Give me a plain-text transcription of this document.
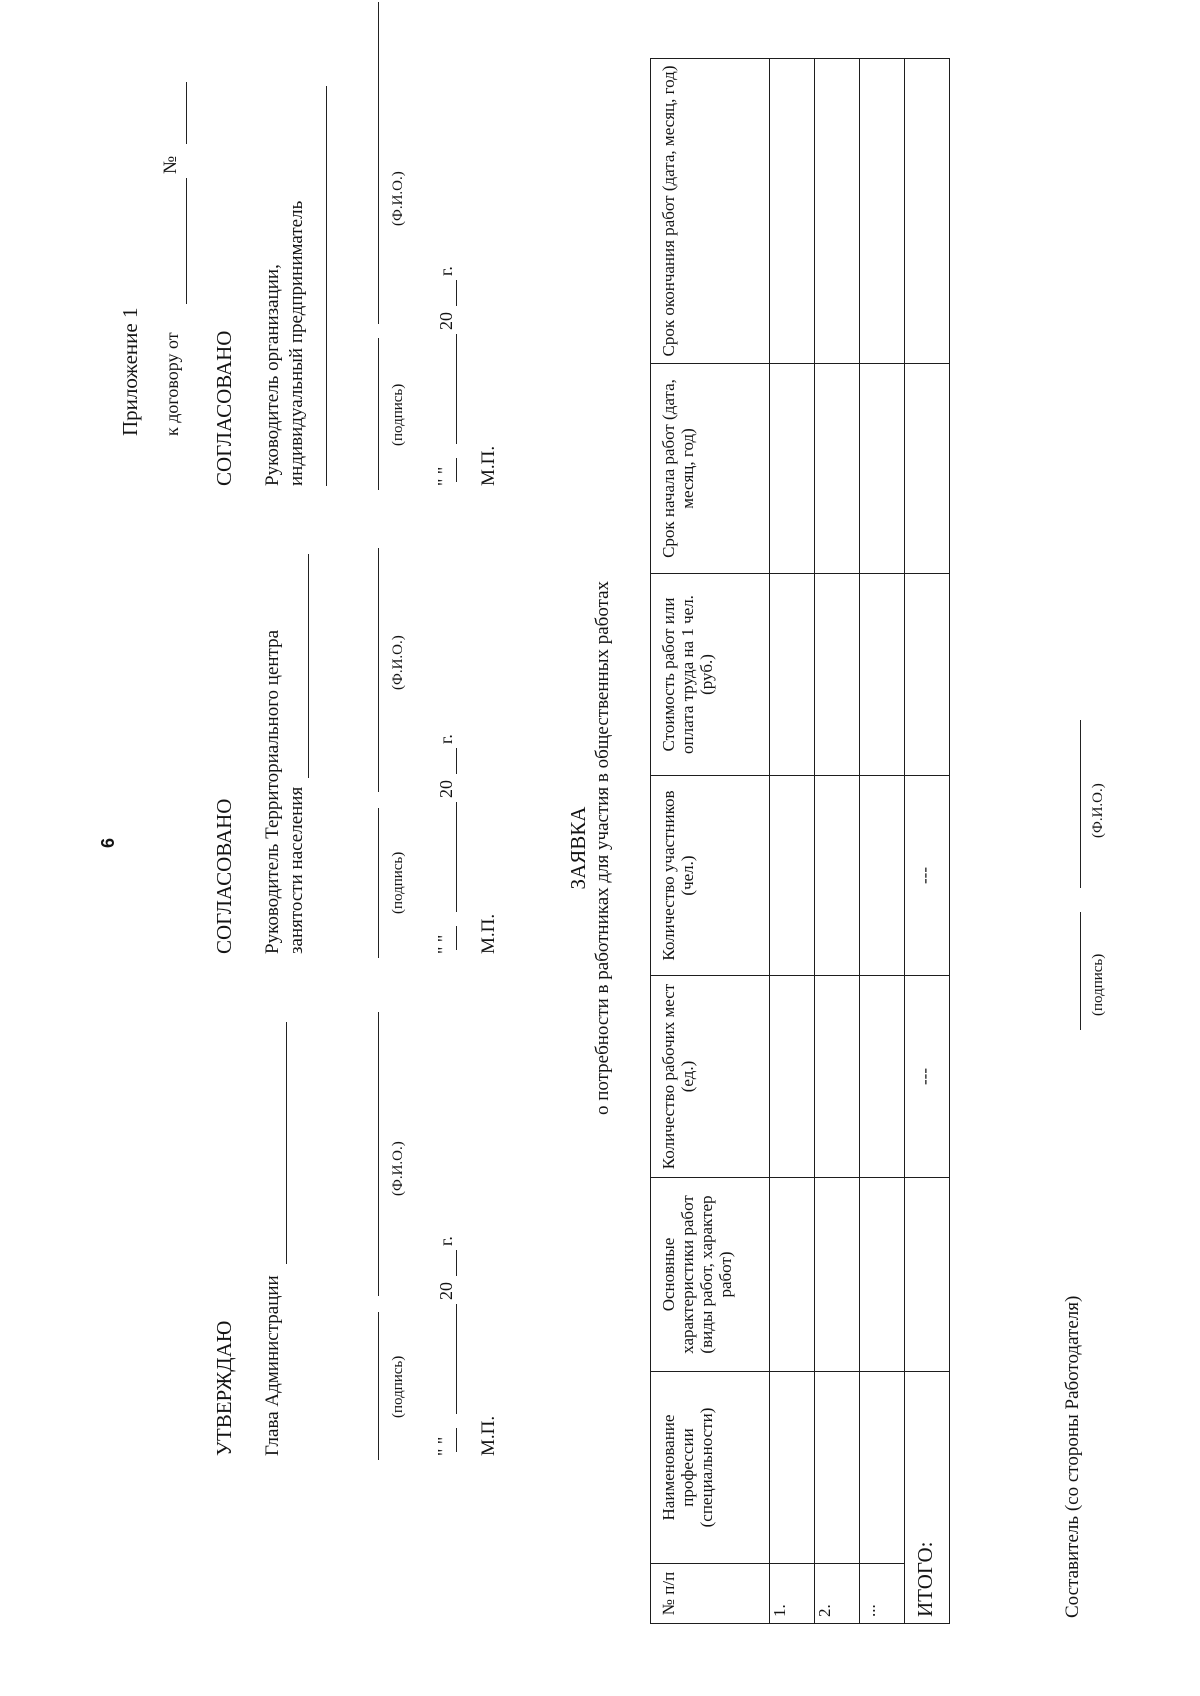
6
Приложение 1 к договору от
№
УТВЕРЖДАЮ Глава Администрации	(подпись)
(Ф.И.О.)
" "
20
г.
М.П.
СОГЛАСОВАНО Руководитель Территориального центра занятости населения	(подпись)
(Ф.И.О.)
" "
20
г.
М.П.
СОГЛАСОВАНО Руководитель организации, индивидуальный предприниматель	(подпись)
(Ф.И.О.)
" "
20
г.
М.П.
ЗАЯВКА о потребности в работниках для участия в общественных работах
№ п/п	Наименование профессии (специальности)	Основные характеристики работ (виды работ, характер работ)	Количество рабочих мест (ед.)	Количество участников (чел.)	Стоимость работ или оплата труда на 1 чел. (руб.)	Срок начала работ (дата, месяц, год)	Срок окончания работ (дата, месяц, год)
1.							
2.							
...							
ИТОГО:			---	---			
Составитель (со стороны Работодателя)
(подпись)
(Ф.И.О.)
